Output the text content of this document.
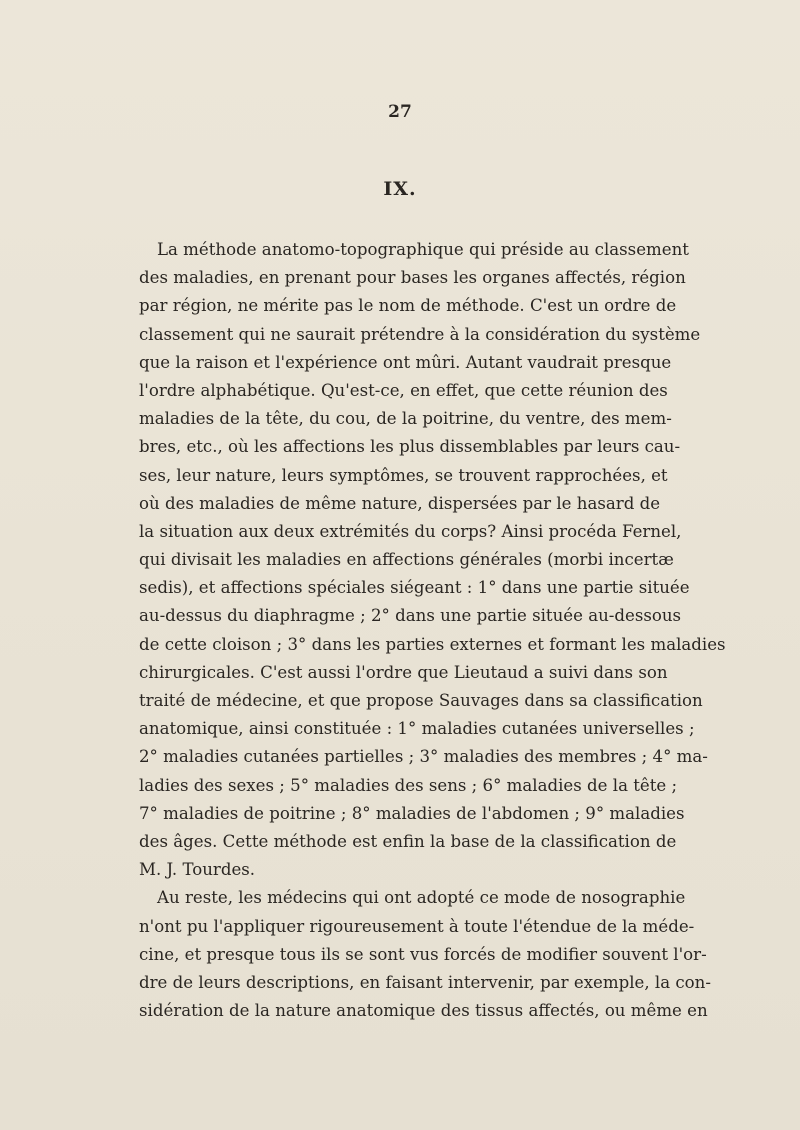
27
IX.
La méthode anatomo-topographique qui préside au classement
des maladies, en prenant pour bases les organes affectés, région
par région, ne mérite pas le nom de méthode. C'est un ordre de
classement qui ne saurait prétendre à la considération du système
que la raison et l'expérience ont mûri. Autant vaudrait presque
l'ordre alphabétique. Qu'est-ce, en effet, que cette réunion des
maladies de la tête, du cou, de la poitrine, du ventre, des mem-
bres, etc., où les affections les plus dissemblables par leurs cau-
ses, leur nature, leurs symptômes, se trouvent rapprochées, et
où des maladies de même nature, dispersées par le hasard de
la situation aux deux extrémités du corps? Ainsi procéda Fernel,
qui divisait les maladies en affections générales (morbi incertæ
sedis), et affections spéciales siégeant : 1° dans une partie située
au-dessus du diaphragme ; 2° dans une partie située au-dessous
de cette cloison ; 3° dans les parties externes et formant les maladies
chirurgicales. C'est aussi l'ordre que Lieutaud a suivi dans son
traité de médecine, et que propose Sauvages dans sa classification
anatomique, ainsi constituée : 1° maladies cutanées universelles ;
2° maladies cutanées partielles ; 3° maladies des membres ; 4° ma-
ladies des sexes ; 5° maladies des sens ; 6° maladies de la tête ;
7° maladies de poitrine ; 8° maladies de l'abdomen ; 9° maladies
des âges. Cette méthode est enfin la base de la classification de
M. J. Tourdes.
Au reste, les médecins qui ont adopté ce mode de nosographie
n'ont pu l'appliquer rigoureusement à toute l'étendue de la méde-
cine, et presque tous ils se sont vus forcés de modifier souvent l'or-
dre de leurs descriptions, en faisant intervenir, par exemple, la con-
sidération de la nature anatomique des tissus affectés, ou même en
